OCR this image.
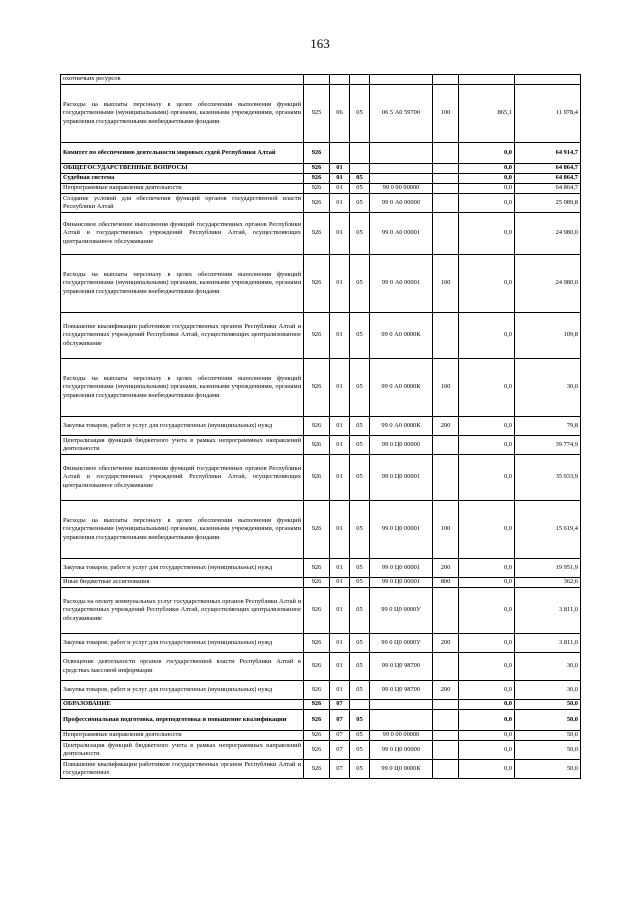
163
охотничьих ресурсов							
Расходы на выплаты персоналу в целях обеспечения выполнения функций государственными (муниципальными) органами, казенными учреждениями, органами управления государственными внебюджетными фондами	925	06	05	06 5 А0 59700	100	865,1	11 978,4
Комитет по обеспечению деятельности мировых судей Республики Алтай	926					0,0	64 914,7
ОБЩЕГОСУДАРСТВЕННЫЕ ВОПРОСЫ	926	01				0,0	64 864,7
Судебная система	926	01	05			0,0	64 864,7
Непрограммные направления деятельности	926	01	05	99 0 00 00000		0,0	64 864,7
Создание условий для обеспечения функций органов государственной власти Республики Алтай	926	01	05	99 0 А0 00000		0,0	25 089,8
Финансовое обеспечение выполнения функций государственных органов Республики Алтай и государственных учреждений Республики Алтай, осуществляющих централизованное обслуживание	926	01	05	99 0 А0 00001		0,0	24 980,0
Расходы на выплаты персоналу в целях обеспечения выполнения функций государственными (муниципальными) органами, казенными учреждениями, органами управления государственными внебюджетными фондами	926	01	05	99 0 А0 00001	100	0,0	24 980,0
Повышение квалификации работников государственных органов Республики Алтай и государственных учреждений Республики Алтай, осуществляющих централизованное обслуживание	926	01	05	99 0 А0 0000К		0,0	109,8
Расходы на выплаты персоналу в целях обеспечения выполнения функций государственными (муниципальными) органами, казенными учреждениями, органами управления государственными внебюджетными фондами	926	01	05	99 0 А0 0000К	100	0,0	30,0
Закупка товаров, работ и услуг для государственных (муниципальных) нужд	926	01	05	99 0 А0 0000К	200	0,0	79,8
Централизация функций бюджетного учета в рамках непрограммных направлений деятельности	926	01	05	99 0 Ц0 00000		0,0	39 774,9
Финансовое обеспечение выполнения функций государственных органов Республики Алтай и государственных учреждений Республики Алтай, осуществляющих централизованное обслуживание	926	01	05	99 0 Ц0 00001		0,0	35 933,9
Расходы на выплаты персоналу в целях обеспечения выполнения функций государственными (муниципальными) органами, казенными учреждениями, органами управления государственными внебюджетными фондами	926	01	05	99 0 Ц0 00001	100	0,0	15 619,4
Закупка товаров, работ и услуг для государственных (муниципальных) нужд	926	01	05	99 0 Ц0 00001	200	0,0	19 951,9
Иные бюджетные ассигнования	926	01	05	99 0 Ц0 00001	800	0,0	362,6
Расходы на оплату коммунальных услуг государственных органов Республики Алтай и государственных учреждений Республики Алтай, осуществляющих централизованное обслуживание	926	01	05	99 0 Ц0 0000У		0,0	3 811,0
Закупка товаров, работ и услуг для государственных (муниципальных) нужд	926	01	05	99 0 Ц0 0000У	200	0,0	3 811,0
Освещение деятельности органов государственной власти Республики Алтай в средствах массовой информации	926	01	05	99 0 Ц0 98700		0,0	30,0
Закупка товаров, работ и услуг для государственных (муниципальных) нужд	926	01	05	99 0 Ц0 98700	200	0,0	30,0
ОБРАЗОВАНИЕ	926	07				0,0	50,0
Профессиональная подготовка, переподготовка и повышение квалификации	926	07	05			0,0	50,0
Непрограммные направления деятельности	926	07	05	99 0 00 00000		0,0	50,0
Централизация функций бюджетного учета в рамках непрограммных направлений деятельности	926	07	05	99 0 Ц0 00000		0,0	50,0
Повышение квалификации работников государственных органов Республики Алтай и государственных	926	07	05	99 0 Ц0 0000К		0,0	50,0
